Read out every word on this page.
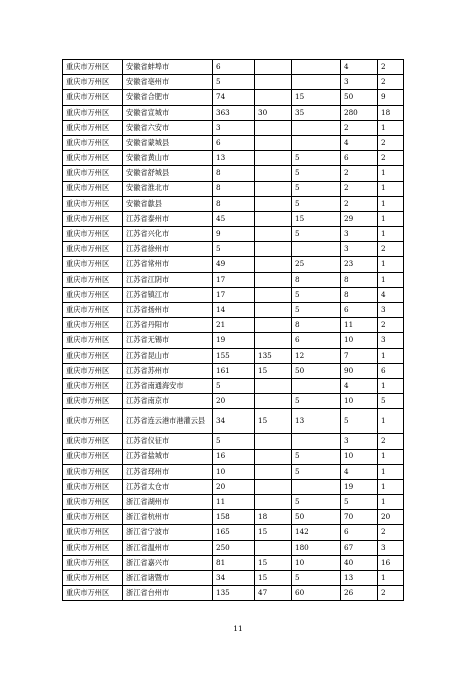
重庆市万州区	安徽省蚌埠市	6			4	2
重庆市万州区	安徽省亳州市	5			3	2
重庆市万州区	安徽省合肥市	74		15	50	9
重庆市万州区	安徽省宣城市	363	30	35	280	18
重庆市万州区	安徽省六安市	3			2	1
重庆市万州区	安徽省蒙城县	6			4	2
重庆市万州区	安徽省黄山市	13		5	6	2
重庆市万州区	安徽省舒城县	8		5	2	1
重庆市万州区	安徽省淮北市	8		5	2	1
重庆市万州区	安徽省歙县	8		5	2	1
重庆市万州区	江苏省泰州市	45		15	29	1
重庆市万州区	江苏省兴化市	9		5	3	1
重庆市万州区	江苏省徐州市	5			3	2
重庆市万州区	江苏省常州市	49		25	23	1
重庆市万州区	江苏省江阴市	17		8	8	1
重庆市万州区	江苏省镇江市	17		5	8	4
重庆市万州区	江苏省扬州市	14		5	6	3
重庆市万州区	江苏省丹阳市	21		8	11	2
重庆市万州区	江苏省无锡市	19		6	10	3
重庆市万州区	江苏省昆山市	155	135	12	7	1
重庆市万州区	江苏省苏州市	161	15	50	90	6
重庆市万州区	江苏省南通海安市	5			4	1
重庆市万州区	江苏省南京市	20		5	10	5
重庆市万州区	江苏省连云港市港灌云县	34	15	13	5	1
重庆市万州区	江苏省仪征市	5			3	2
重庆市万州区	江苏省盐城市	16		5	10	1
重庆市万州区	江苏省邳州市	10		5	4	1
重庆市万州区	江苏省太仓市	20			19	1
重庆市万州区	浙江省湖州市	11		5	5	1
重庆市万州区	浙江省杭州市	158	18	50	70	20
重庆市万州区	浙江省宁波市	165	15	142	6	2
重庆市万州区	浙江省温州市	250		180	67	3
重庆市万州区	浙江省嘉兴市	81	15	10	40	16
重庆市万州区	浙江省诸暨市	34	15	5	13	1
重庆市万州区	浙江省台州市	135	47	60	26	2
11
